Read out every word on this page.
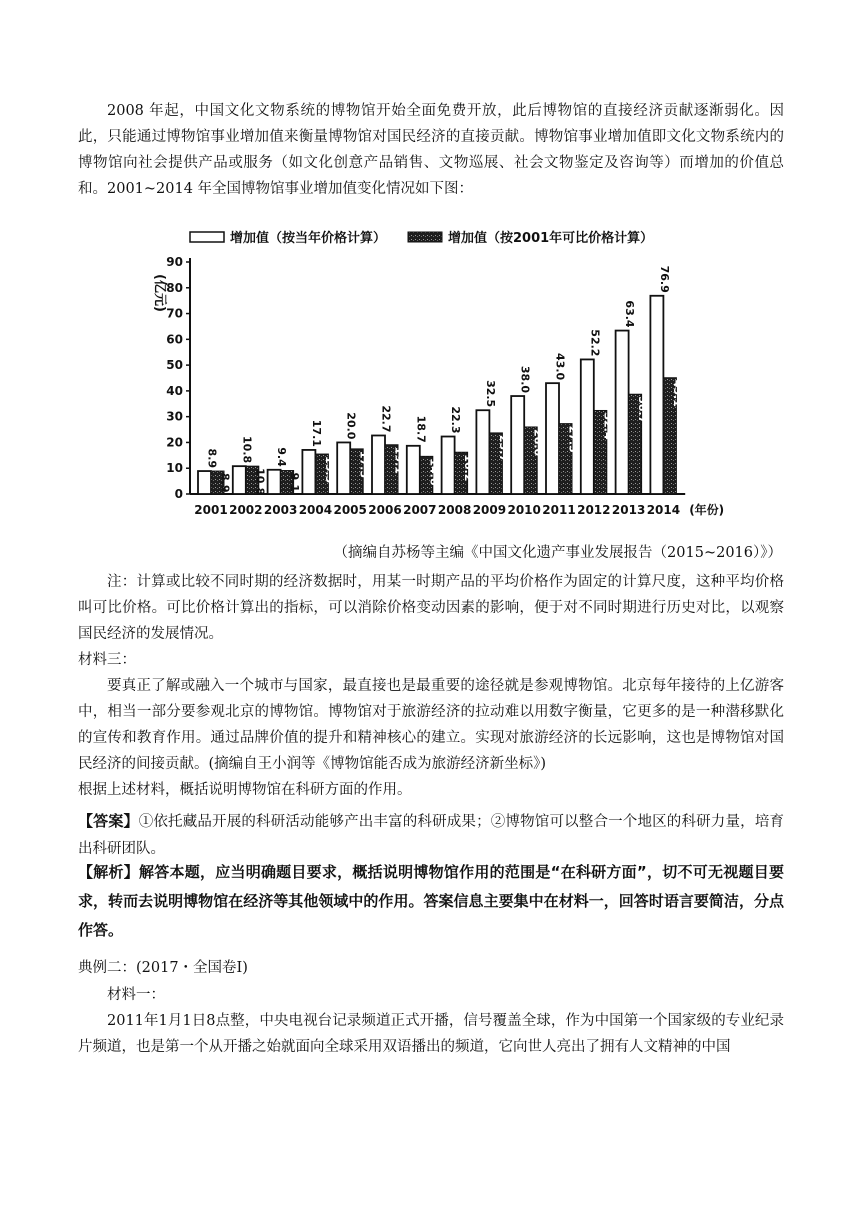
2008 年起，中国文化文物系统的博物馆开始全面免费开放，此后博物馆的直接经济贡献逐渐弱化。因此，只能通过博物馆事业增加值来衡量博物馆对国民经济的直接贡献。博物馆事业增加值即文化文物系统内的博物馆向社会提供产品或服务（如文化创意产品销售、文物巡展、社会文物鉴定及咨询等）而增加的价值总和。2001~2014 年全国博物馆事业增加值变化情况如下图：

增加值（按当年价格计算）	增加值（按2001年可比价格计算）
(亿元)
0
10
20
30
40
50
60
70
80
90
8.9
8.9
2001
10.8
10.8
2002
9.4
9.1
2003
17.1
15.5
2004
20.0
17.5
2005
22.7
19.1
2006
18.7
14.6
2007
22.3
16.2
2008
32.5
23.7
2009
38.0
26.0
2010
43.0
27.3
2011
52.2
32.4
2012
63.4
38.7
2013
76.9
45.1
2014 (年份)

（摘编自苏杨等主编《中国文化遗产事业发展报告（2015~2016）》）

注：计算或比较不同时期的经济数据时，用某一时期产品的平均价格作为固定的计算尺度，这种平均价格叫可比价格。可比价格计算出的指标，可以消除价格变动因素的影响，便于对不同时期进行历史对比，以观察国民经济的发展情况。

材料三：

要真正了解或融入一个城市与国家，最直接也是最重要的途径就是参观博物馆。北京每年接待的上亿游客中，相当一部分要参观北京的博物馆。博物馆对于旅游经济的拉动难以用数字衡量，它更多的是一种潜移默化的宣传和教育作用。通过品牌价值的提升和精神核心的建立。实现对旅游经济的长远影响，这也是博物馆对国民经济的间接贡献。(摘编自王小润等《博物馆能否成为旅游经济新坐标》)

根据上述材料，概括说明博物馆在科研方面的作用。

【答案】①依托藏品开展的科研活动能够产出丰富的科研成果；②博物馆可以整合一个地区的科研力量，培育出科研团队。

【解析】解答本题，应当明确题目要求，概括说明博物馆作用的范围是“在科研方面”，切不可无视题目要求，转而去说明博物馆在经济等其他领域中的作用。答案信息主要集中在材料一，回答时语言要简洁，分点作答。

典例二：(2017・全国卷Ⅰ)

材料一：

2011年1月1日8点整，中央电视台记录频道正式开播，信号覆盖全球，作为中国第一个国家级的专业纪录片频道，也是第一个从开播之始就面向全球采用双语播出的频道，它向世人亮出了拥有人文精神的中国
